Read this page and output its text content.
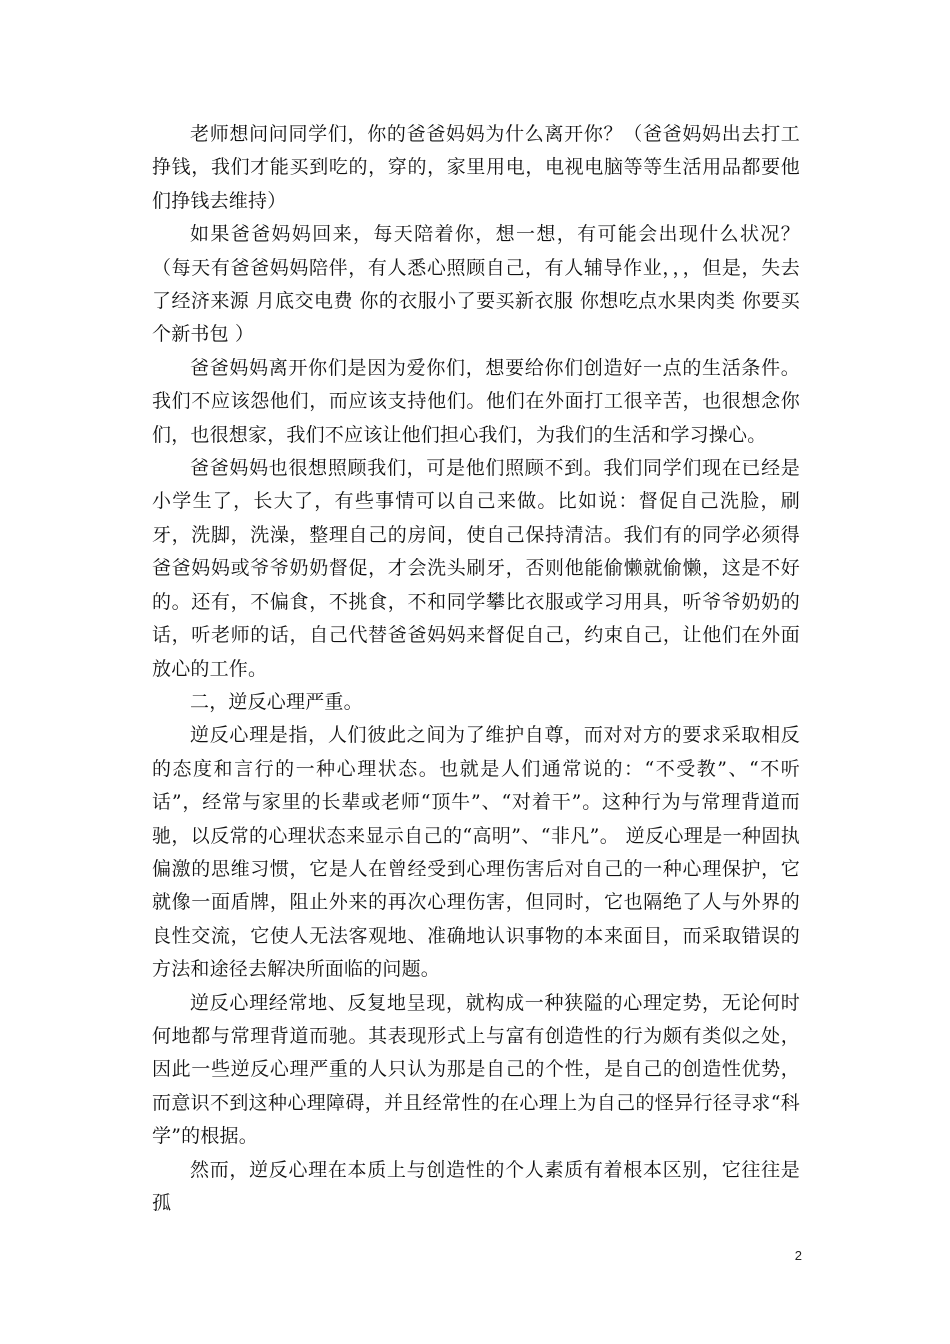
老师想问问同学们，你的爸爸妈妈为什么离开你？（爸爸妈妈出去打工挣钱，我们才能买到吃的，穿的，家里用电，电视电脑等等生活用品都要他们挣钱去维持）

如果爸爸妈妈回来，每天陪着你，想一想，有可能会出现什么状况？（每天有爸爸妈妈陪伴，有人悉心照顾自己，有人辅导作业，，，但是，失去了经济来源 月底交电费 你的衣服小了要买新衣服 你想吃点水果肉类 你要买个新书包 ）

爸爸妈妈离开你们是因为爱你们，想要给你们创造好一点的生活条件。我们不应该怨他们，而应该支持他们。他们在外面打工很辛苦，也很想念你们，也很想家，我们不应该让他们担心我们，为我们的生活和学习操心。

爸爸妈妈也很想照顾我们，可是他们照顾不到。我们同学们现在已经是小学生了，长大了，有些事情可以自己来做。比如说：督促自己洗脸，刷牙，洗脚，洗澡，整理自己的房间，使自己保持清洁。我们有的同学必须得爸爸妈妈或爷爷奶奶督促，才会洗头刷牙，否则他能偷懒就偷懒，这是不好的。还有，不偏食，不挑食，不和同学攀比衣服或学习用具，听爷爷奶奶的话，听老师的话，自己代替爸爸妈妈来督促自己，约束自己，让他们在外面放心的工作。

二，逆反心理严重。

逆反心理是指，人们彼此之间为了维护自尊，而对对方的要求采取相反的态度和言行的一种心理状态。也就是人们通常说的：“不受教”、“不听话”，经常与家里的长辈或老师“顶牛”、“对着干”。这种行为与常理背道而驰，以反常的心理状态来显示自己的“高明”、“非凡”。 逆反心理是一种固执偏激的思维习惯，它是人在曾经受到心理伤害后对自己的一种心理保护，它就像一面盾牌，阻止外来的再次心理伤害，但同时，它也隔绝了人与外界的良性交流，它使人无法客观地、准确地认识事物的本来面目，而采取错误的方法和途径去解决所面临的问题。

逆反心理经常地、反复地呈现，就构成一种狭隘的心理定势，无论何时何地都与常理背道而驰。其表现形式上与富有创造性的行为颇有类似之处，因此一些逆反心理严重的人只认为那是自己的个性，是自己的创造性优势，而意识不到这种心理障碍，并且经常性的在心理上为自己的怪异行径寻求“科学”的根据。

然而，逆反心理在本质上与创造性的个人素质有着根本区别，它往往是孤

2
